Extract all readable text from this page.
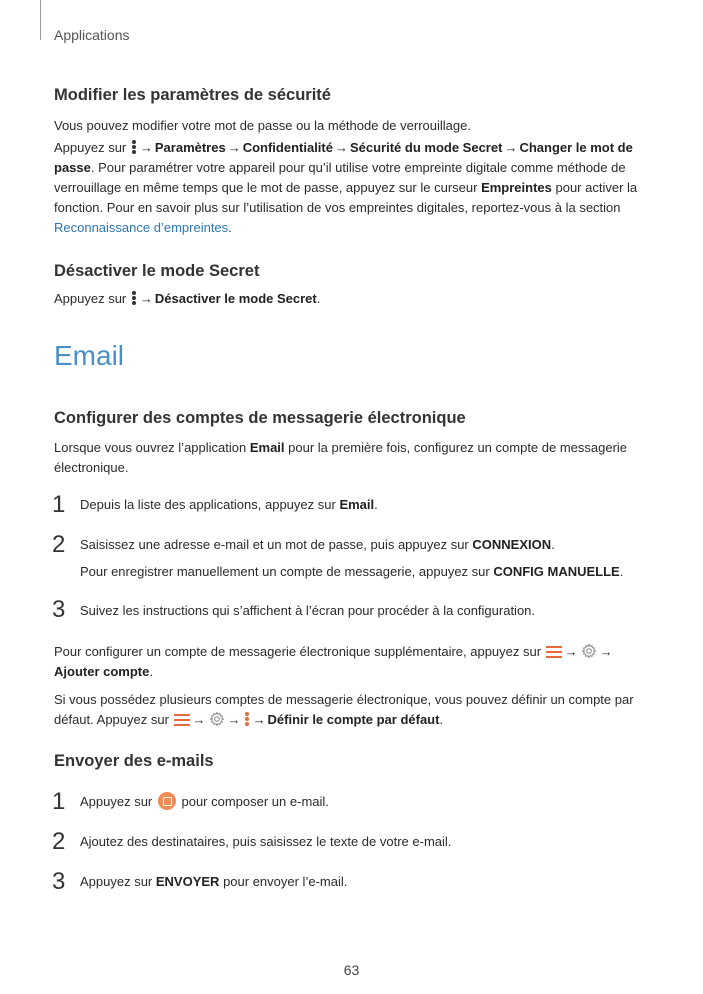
Applications
Modifier les paramètres de sécurité

Vous pouvez modifier votre mot de passe ou la méthode de verrouillage.

Appuyez sur
→ Paramètres → Confidentialité → Sécurité du mode Secret → Changer le mot de passe. Pour paramétrer votre appareil pour qu’il utilise votre empreinte digitale comme méthode de verrouillage en même temps que le mot de passe, appuyez sur le curseur Empreintes pour activer la fonction. Pour en savoir plus sur l’utilisation de vos empreintes digitales, reportez-vous à la section Reconnaissance d’empreintes.

Désactiver le mode Secret

Appuyez sur
→ Désactiver le mode Secret.

Email
Configurer des comptes de messagerie électronique

Lorsque vous ouvrez l’application Email pour la première fois, configurez un compte de messagerie électronique.

1 Depuis la liste des applications, appuyez sur Email.

2 Saisissez une adresse e-mail et un mot de passe, puis appuyez sur CONNEXION.

Pour enregistrer manuellement un compte de messagerie, appuyez sur CONFIG MANUELLE.

3 Suivez les instructions qui s’affichent à l’écran pour procéder à la configuration.

Pour configurer un compte de messagerie électronique supplémentaire, appuyez sur
→ →
Ajouter compte.

Si vous possédez plusieurs comptes de messagerie électronique, vous pouvez définir un compte par défaut. Appuyez sur
→ → → Définir le compte par défaut.

Envoyer des e-mails
1 Appuyez sur  pour composer un e-mail.

2 Ajoutez des destinataires, puis saisissez le texte de votre e-mail.

3 Appuyez sur ENVOYER pour envoyer l’e-mail.

63
